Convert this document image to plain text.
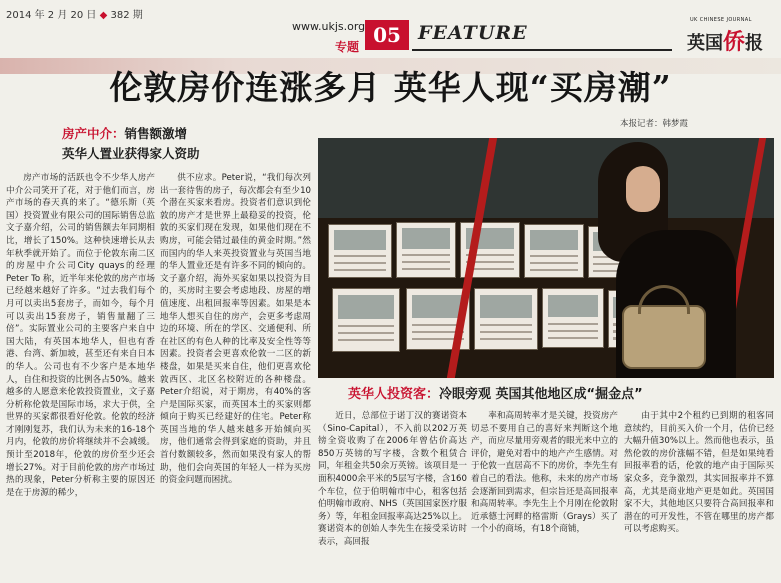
2014 年 2 月 20 日 ◆ 382 期
www.ukjs.org
专题 05 FEATURE
UK CHINESE JOURNAL
英国侨报
伦敦房价连涨多月 英华人现“买房潮”
本报记者：韩梦霞
房产中介：销售额激增
英华人置业获得家人资助

房产市场的活跃也令不少华人房产中介公司笑开了花，对于他们而言，房产市场的春天真的来了。“德乐斯（英国）投资置业有限公司的国际销售总监文子嘉介绍，公司的销售额去年同期相比，增长了150%。这种快速增长从去年秋季就开始了。而位于伦敦东南二区的房屋中介公司City quays的经理 Peter To 称，近半年来伦敦的房产市场已经越来越好了许多。“过去我们每个月可以卖出5套房子，而如今，每个月可以卖出15套房子，销售量翻了三倍”。实际置业公司的主要客户来自中国大陆，有英国本地华人，但也有香港、台湾、新加坡，甚至还有来自日本的华人。公司也有不少客户是本地华人，自住和投资的比例各占50%。越来越多的人愿意来伦敦投资置业，文子嘉分析称伦敦是国际市场，求大于供，全世界的买家都很看好伦敦。伦敦的经济才刚刚复苏，我们认为未来的16-18个月内，伦敦的房价将继续并不会减缓。预计至2018年，伦敦的房价至少还会增长27%。对于目前伦敦的房产市场过热的现象，Peter分析称主要的原因还是在于房源的稀少，

供不应求。Peter说，“我们每次列出一套待售的房子，每次都会有至少10个潜在买家来看房。投资者们意识到伦敦的房产才是世界上最稳妥的投资，伦敦的买家们现在发现，如果他们现在不购房，可能会错过最佳的黄金时期。”然而国内的华人来英投资置业与英国当地的华人置业还是有许多不同的倾向的。文子嘉介绍，海外买家如果以投资为目的，买房时主要会考虑地段、房屋的增值速度、出租回报率等因素。如果是本地华人想买自住的房产，会更多考虑周边的环境、所在的学区、交通便利、所在社区的有色人种的比率及安全性等等因素。投资者会更喜欢伦敦一二区的新楼盘，如果是买来自住，他们更喜欢伦敦西区、北区名校附近的各种楼盘。Peter介绍说，对于期房，有40%的客户是国际买家，而英国本土的买家则都倾向于购买已经建好的住宅。Peter称英国当地的华人越来越多开始倾向买房，他们通常会得到家庭的资助，并且首付数额较多，然而如果没有家人的帮助，他们会向英国的年轻人一样为买房的资金问题而困扰。

英华人投资客：冷眼旁观 英国其他地区成“掘金点”

近日，总部位于诺丁汉的赛诺资本（Sino-Capital），不入前以202万英镑全资收购了在2006年曾估价高达850万英镑的写字楼，含数个租赁合同，年租金共50余万英镑。该项目是一面积4000余平米的5层写字楼，含160个车位，位于伯明翰市中心，租客包括伯明翰市政府、NHS（英国国家医疗服务）等，年租金回报率高达25%以上。赛诺资本的创始人李先生在接受采访时表示，高回报

率和高周转率才是关键，投资房产切忌不要用自己的喜好来判断这个地产，而应尽量用旁观者的眼光来中立的评价，避免对看中的地产产生感情。对于伦敦一直居高不下的房价，李先生有着自己的看法。他称，未来的房产市场会逐渐回到需求，但宗旨还是高回报率和高周转率。李先生上个月刚在伦敦附近承德士河畔的格雷斯（Grays）买了一个小的商场，有18个商铺，

由于其中2个租约已到期的租客同意续约，目前买入价一个月，估价已经大幅升值30%以上。然而他也表示，虽然伦敦的房价涨幅不错，但是如果纯看回报率看的话，伦敦的地产由于国际买家众多，竞争激烈，其实回报率并不算高，尤其是商业地产更是如此。英国国家不大，其他地区只要符合高回报率和潜在的可开发性，不管在哪里的房产都可以考虑购买。
